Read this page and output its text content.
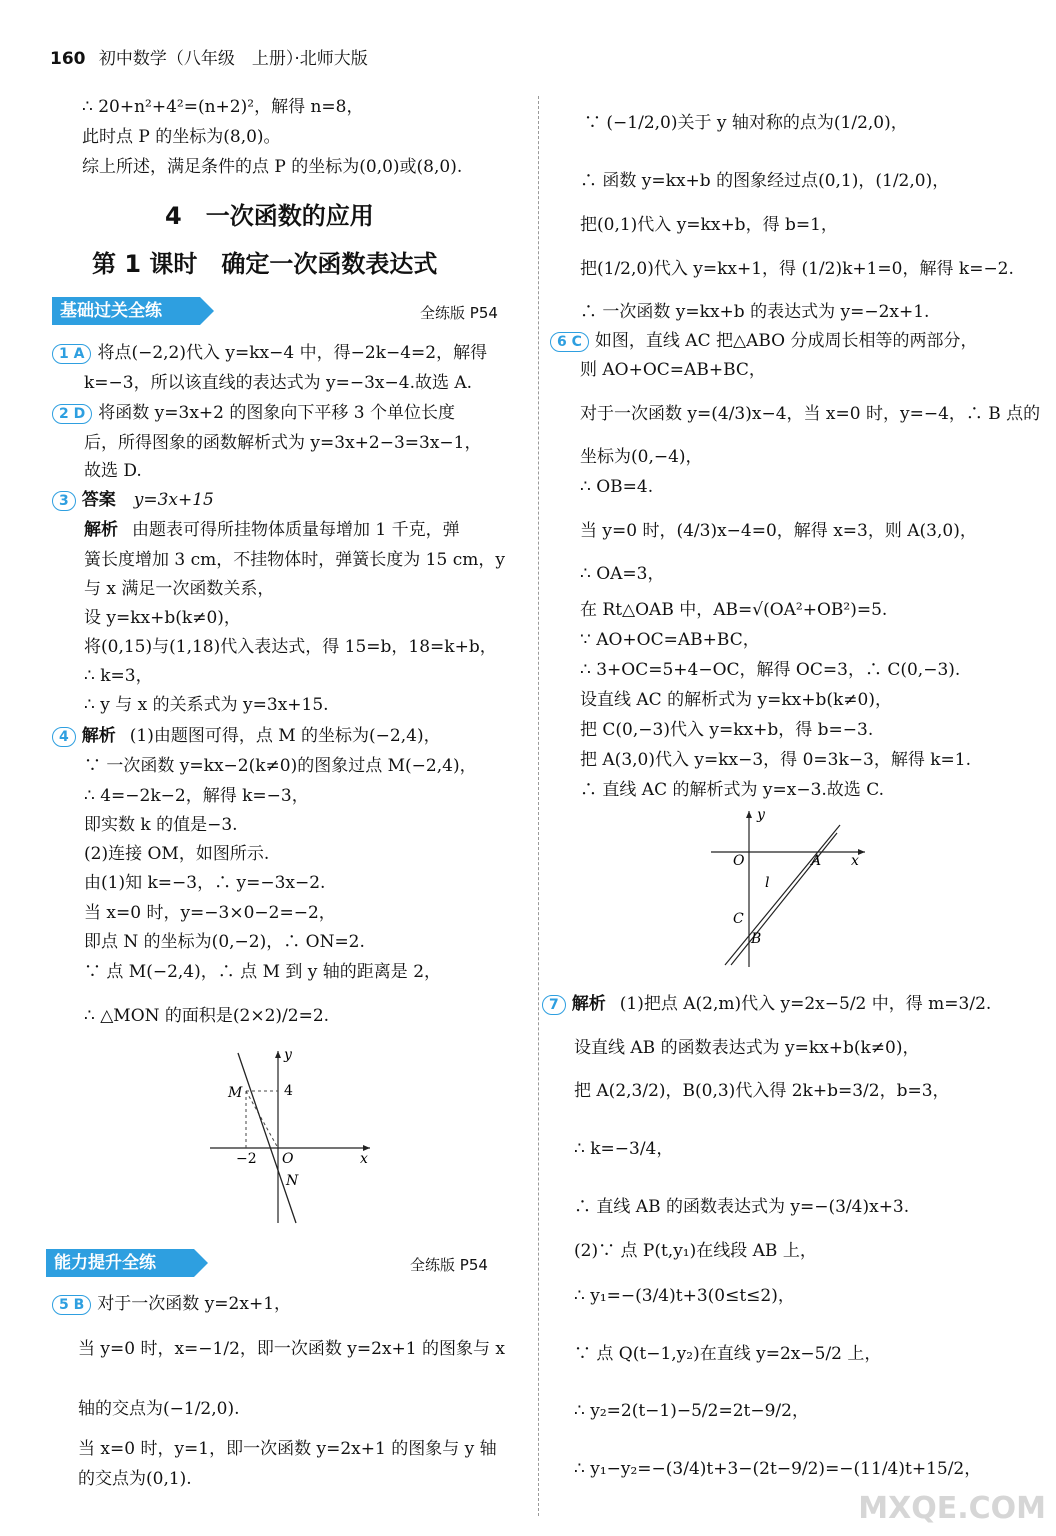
160 初中数学（八年级　上册）·北师大版
∴ 20+n²+4²=(n+2)²，解得 n=8，
此时点 P 的坐标为(8,0)。
综上所述，满足条件的点 P 的坐标为(0,0)或(8,0).
4　一次函数的应用
第 1 课时　确定一次函数表达式
基础过关全练	全练版 P54
1 A 将点(−2,2)代入 y=kx−4 中，得−2k−4=2，解得
k=−3，所以该直线的表达式为 y=−3x−4.故选 A.
2 D 将函数 y=3x+2 的图象向下平移 3 个单位长度
后，所得图象的函数解析式为 y=3x+2−3=3x−1，
故选 D.
3 答案 y=3x+15
解析 由题表可得所挂物体质量每增加 1 千克，弹
簧长度增加 3 cm，不挂物体时，弹簧长度为 15 cm，y
与 x 满足一次函数关系，
设 y=kx+b(k≠0)，
将(0,15)与(1,18)代入表达式，得 15=b，18=k+b，
∴ k=3，
∴ y 与 x 的关系式为 y=3x+15.
4 解析 (1)由题图可得，点 M 的坐标为(−2,4)，
∵ 一次函数 y=kx−2(k≠0)的图象过点 M(−2,4)，
∴ 4=−2k−2，解得 k=−3，
即实数 k 的值是−3.
(2)连接 OM，如图所示.
由(1)知 k=−3，∴ y=−3x−2.
当 x=0 时，y=−3×0−2=−2，
即点 N 的坐标为(0,−2)，∴ ON=2.
∵ 点 M(−2,4)，∴ 点 M 到 y 轴的距离是 2，
∴ △MON 的面积是(2×2)/2=2.
y
x
M	4
−2 O
N
能力提升全练	全练版 P54
5 B 对于一次函数 y=2x+1，
当 y=0 时，x=−1/2，即一次函数 y=2x+1 的图象与 x
轴的交点为(−1/2,0).
当 x=0 时，y=1，即一次函数 y=2x+1 的图象与 y 轴
的交点为(0,1).
∵ (−1/2,0)关于 y 轴对称的点为(1/2,0)，
∴ 函数 y=kx+b 的图象经过点(0,1)，(1/2,0)，
把(0,1)代入 y=kx+b，得 b=1，
把(1/2,0)代入 y=kx+1，得 (1/2)k+1=0，解得 k=−2.
∴ 一次函数 y=kx+b 的表达式为 y=−2x+1.
6 C 如图，直线 AC 把△ABO 分成周长相等的两部分，
则 AO+OC=AB+BC，
对于一次函数 y=(4/3)x−4，当 x=0 时，y=−4，∴ B 点的
坐标为(0,−4)，
∴ OB=4.
当 y=0 时，(4/3)x−4=0，解得 x=3，则 A(3,0)，
∴ OA=3，
在 Rt△OAB 中，AB=√(OA²+OB²)=5.
∵ AO+OC=AB+BC，
∴ 3+OC=5+4−OC，解得 OC=3，∴ C(0,−3).
设直线 AC 的解析式为 y=kx+b(k≠0)，
把 C(0,−3)代入 y=kx+b，得 b=−3.
把 A(3,0)代入 y=kx−3，得 0=3k−3，解得 k=1.
∴ 直线 AC 的解析式为 y=x−3.故选 C.
y
x
O	A
l
C
B
7 解析 (1)把点 A(2,m)代入 y=2x−5/2 中，得 m=3/2.
设直线 AB 的函数表达式为 y=kx+b(k≠0)，
把 A(2,3/2)，B(0,3)代入得 2k+b=3/2，b=3，
∴ k=−3/4，
∴ 直线 AB 的函数表达式为 y=−(3/4)x+3.
(2)∵ 点 P(t,y₁)在线段 AB 上，
∴ y₁=−(3/4)t+3(0≤t≤2)，
∵ 点 Q(t−1,y₂)在直线 y=2x−5/2 上，
∴ y₂=2(t−1)−5/2=2t−9/2，
∴ y₁−y₂=−(3/4)t+3−(2t−9/2)=−(11/4)t+15/2，
MXQE.COM
